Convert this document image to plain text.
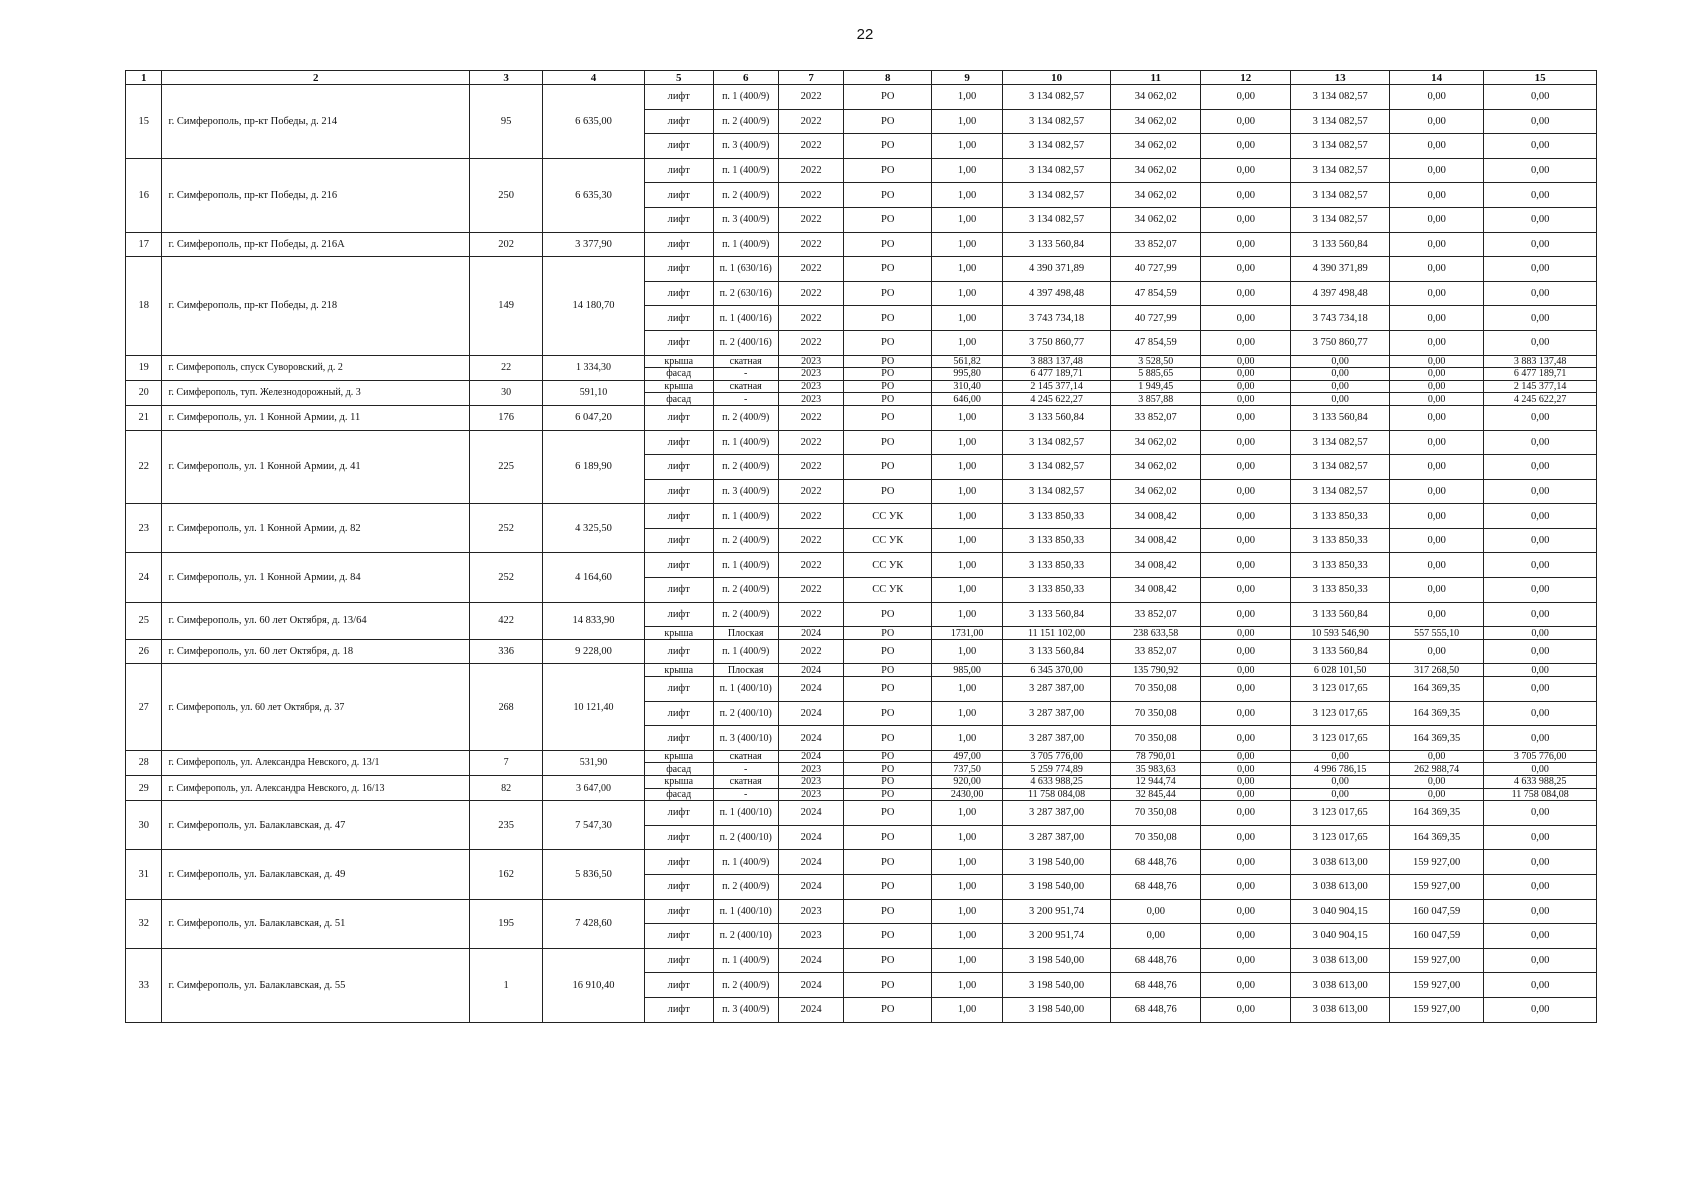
22
1	2	3	4	5	6	7	8	9	10	11	12	13	14	15
15	г. Симферополь, пр-кт Победы, д. 214	95	6 635,00	лифт	п. 1 (400/9)	2022	РО	1,00	3 134 082,57	34 062,02	0,00	3 134 082,57	0,00	0,00
				лифт	п. 2 (400/9)	2022	РО	1,00	3 134 082,57	34 062,02	0,00	3 134 082,57	0,00	0,00
				лифт	п. 3 (400/9)	2022	РО	1,00	3 134 082,57	34 062,02	0,00	3 134 082,57	0,00	0,00
16	г. Симферополь, пр-кт Победы, д. 216	250	6 635,30	лифт	п. 1 (400/9)	2022	РО	1,00	3 134 082,57	34 062,02	0,00	3 134 082,57	0,00	0,00
				лифт	п. 2 (400/9)	2022	РО	1,00	3 134 082,57	34 062,02	0,00	3 134 082,57	0,00	0,00
				лифт	п. 3 (400/9)	2022	РО	1,00	3 134 082,57	34 062,02	0,00	3 134 082,57	0,00	0,00
17	г. Симферополь, пр-кт Победы, д. 216А	202	3 377,90	лифт	п. 1 (400/9)	2022	РО	1,00	3 133 560,84	33 852,07	0,00	3 133 560,84	0,00	0,00
18	г. Симферополь, пр-кт Победы, д. 218	149	14 180,70	лифт	п. 1 (630/16)	2022	РО	1,00	4 390 371,89	40 727,99	0,00	4 390 371,89	0,00	0,00
				лифт	п. 2 (630/16)	2022	РО	1,00	4 397 498,48	47 854,59	0,00	4 397 498,48	0,00	0,00
				лифт	п. 1 (400/16)	2022	РО	1,00	3 743 734,18	40 727,99	0,00	3 743 734,18	0,00	0,00
				лифт	п. 2 (400/16)	2022	РО	1,00	3 750 860,77	47 854,59	0,00	3 750 860,77	0,00	0,00
19	г. Симферополь, спуск Суворовский, д. 2	22	1 334,30	крыша	скатная	2023	РО	561,82	3 883 137,48	3 528,50	0,00	0,00	0,00	3 883 137,48
				фасад	-	2023	РО	995,80	6 477 189,71	5 885,65	0,00	0,00	0,00	6 477 189,71
20	г. Симферополь, туп. Железнодорожный, д. 3	30	591,10	крыша	скатная	2023	РО	310,40	2 145 377,14	1 949,45	0,00	0,00	0,00	2 145 377,14
				фасад	-	2023	РО	646,00	4 245 622,27	3 857,88	0,00	0,00	0,00	4 245 622,27
21	г. Симферополь, ул. 1 Конной Армии, д. 11	176	6 047,20	лифт	п. 2 (400/9)	2022	РО	1,00	3 133 560,84	33 852,07	0,00	3 133 560,84	0,00	0,00
22	г. Симферополь, ул. 1 Конной Армии, д. 41	225	6 189,90	лифт	п. 1 (400/9)	2022	РО	1,00	3 134 082,57	34 062,02	0,00	3 134 082,57	0,00	0,00
				лифт	п. 2 (400/9)	2022	РО	1,00	3 134 082,57	34 062,02	0,00	3 134 082,57	0,00	0,00
				лифт	п. 3 (400/9)	2022	РО	1,00	3 134 082,57	34 062,02	0,00	3 134 082,57	0,00	0,00
23	г. Симферополь, ул. 1 Конной Армии, д. 82	252	4 325,50	лифт	п. 1 (400/9)	2022	СС УК	1,00	3 133 850,33	34 008,42	0,00	3 133 850,33	0,00	0,00
				лифт	п. 2 (400/9)	2022	СС УК	1,00	3 133 850,33	34 008,42	0,00	3 133 850,33	0,00	0,00
24	г. Симферополь, ул. 1 Конной Армии, д. 84	252	4 164,60	лифт	п. 1 (400/9)	2022	СС УК	1,00	3 133 850,33	34 008,42	0,00	3 133 850,33	0,00	0,00
				лифт	п. 2 (400/9)	2022	СС УК	1,00	3 133 850,33	34 008,42	0,00	3 133 850,33	0,00	0,00
25	г. Симферополь, ул. 60 лет Октября, д. 13/64	422	14 833,90	лифт	п. 2 (400/9)	2022	РО	1,00	3 133 560,84	33 852,07	0,00	3 133 560,84	0,00	0,00
				крыша	Плоская	2024	РО	1731,00	11 151 102,00	238 633,58	0,00	10 593 546,90	557 555,10	0,00
26	г. Симферополь, ул. 60 лет Октября, д. 18	336	9 228,00	лифт	п. 1 (400/9)	2022	РО	1,00	3 133 560,84	33 852,07	0,00	3 133 560,84	0,00	0,00
27	г. Симферополь, ул. 60 лет Октября, д. 37	268	10 121,40	крыша	Плоская	2024	РО	985,00	6 345 370,00	135 790,92	0,00	6 028 101,50	317 268,50	0,00
				лифт	п. 1 (400/10)	2024	РО	1,00	3 287 387,00	70 350,08	0,00	3 123 017,65	164 369,35	0,00
				лифт	п. 2 (400/10)	2024	РО	1,00	3 287 387,00	70 350,08	0,00	3 123 017,65	164 369,35	0,00
				лифт	п. 3 (400/10)	2024	РО	1,00	3 287 387,00	70 350,08	0,00	3 123 017,65	164 369,35	0,00
28	г. Симферополь, ул. Александра Невского, д. 13/1	7	531,90	крыша	скатная	2024	РО	497,00	3 705 776,00	78 790,01	0,00	0,00	0,00	3 705 776,00
				фасад	-	2023	РО	737,50	5 259 774,89	35 983,63	0,00	4 996 786,15	262 988,74	0,00
29	г. Симферополь, ул. Александра Невского, д. 16/13	82	3 647,00	крыша	скатная	2023	РО	920,00	4 633 988,25	12 944,74	0,00	0,00	0,00	4 633 988,25
				фасад	-	2023	РО	2430,00	11 758 084,08	32 845,44	0,00	0,00	0,00	11 758 084,08
30	г. Симферополь, ул. Балаклавская, д. 47	235	7 547,30	лифт	п. 1 (400/10)	2024	РО	1,00	3 287 387,00	70 350,08	0,00	3 123 017,65	164 369,35	0,00
				лифт	п. 2 (400/10)	2024	РО	1,00	3 287 387,00	70 350,08	0,00	3 123 017,65	164 369,35	0,00
31	г. Симферополь, ул. Балаклавская, д. 49	162	5 836,50	лифт	п. 1 (400/9)	2024	РО	1,00	3 198 540,00	68 448,76	0,00	3 038 613,00	159 927,00	0,00
				лифт	п. 2 (400/9)	2024	РО	1,00	3 198 540,00	68 448,76	0,00	3 038 613,00	159 927,00	0,00
32	г. Симферополь, ул. Балаклавская, д. 51	195	7 428,60	лифт	п. 1 (400/10)	2023	РО	1,00	3 200 951,74	0,00	0,00	3 040 904,15	160 047,59	0,00
				лифт	п. 2 (400/10)	2023	РО	1,00	3 200 951,74	0,00	0,00	3 040 904,15	160 047,59	0,00
33	г. Симферополь, ул. Балаклавская, д. 55	1	16 910,40	лифт	п. 1 (400/9)	2024	РО	1,00	3 198 540,00	68 448,76	0,00	3 038 613,00	159 927,00	0,00
				лифт	п. 2 (400/9)	2024	РО	1,00	3 198 540,00	68 448,76	0,00	3 038 613,00	159 927,00	0,00
				лифт	п. 3 (400/9)	2024	РО	1,00	3 198 540,00	68 448,76	0,00	3 038 613,00	159 927,00	0,00
